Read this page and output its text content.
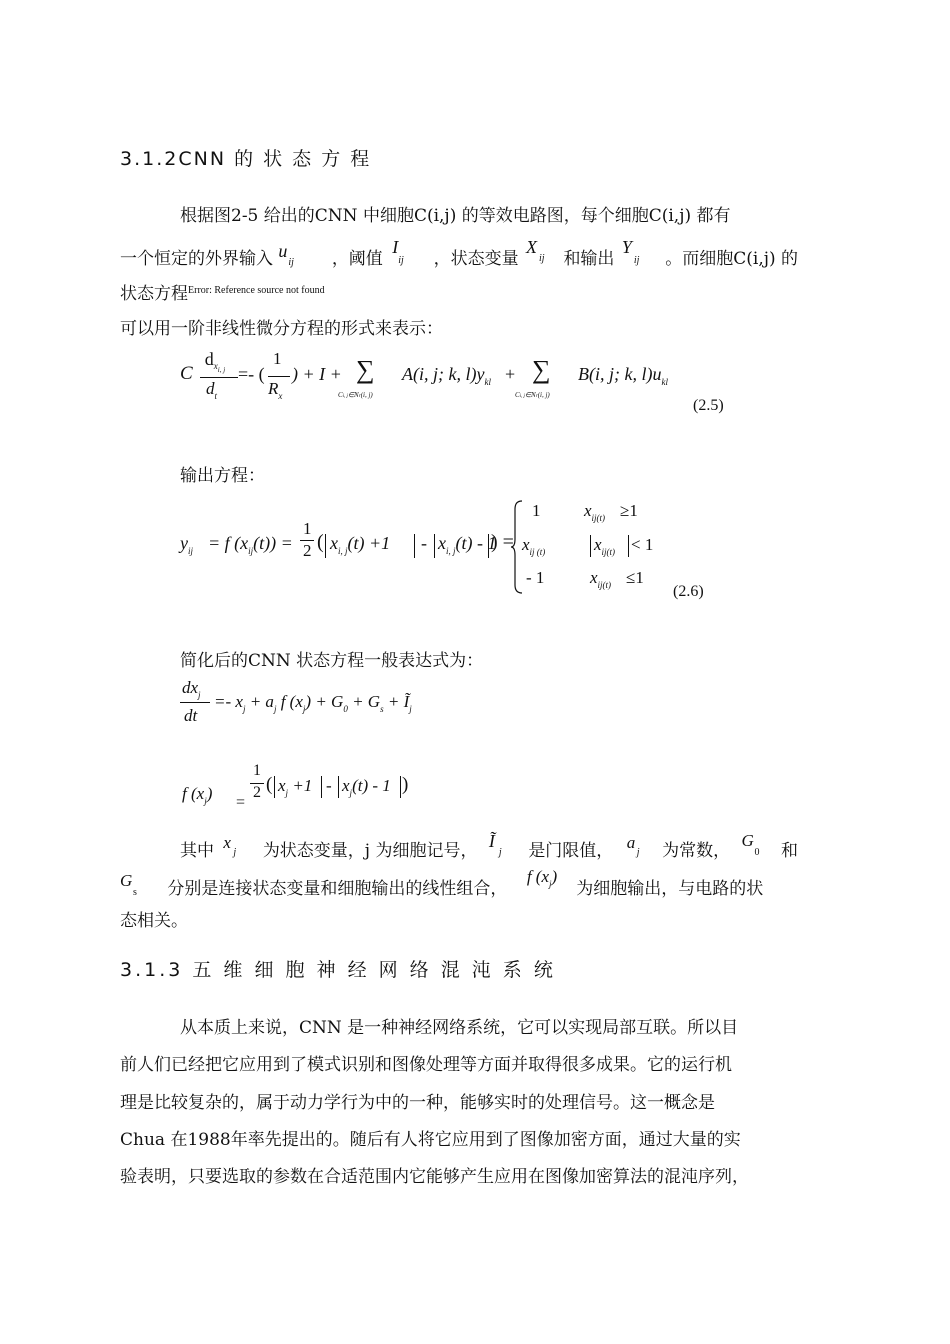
3.1.2CNN 的 状 态 方 程
根据图2-5 给出的CNN 中细胞C(i,j) 的等效电路图，每个细胞C(i,j) 都有
一个恒定的外界输入 u
ij ，阈值
I
ij ，状态变量
X
ij 和输出
Y
ij 。而细胞C(i,j) 的
状态方程$^{Error: Reference source not found}$
可以用一阶非线性微分方程的形式来表示：
C
$d_{xi, j}$
$d_t$
=- (
1
$R_x$
) + I + ∑
Ci, j∈Nr(i, j)
A(i, j; k, $l)y_{kl}$ + ∑
Ci, j∈Nr(i, j)
B(i, j; k, $l)u_{kl}$
(2.5)
输出方程：
$y_{ij} = f$ $(x_{ij}(t))$ =
1
2 ( $x_{i, j}(t) +1 - x_{i, j}(t) - 1$
) =
1	$x_{ij(t)} \ge 1$
$x_{ij (t)}$	$x_{ij(t)} < 1$
- 1	$x_{ij(t)} \le 1$
(2.6)
简化后的CNN 状态方程一般表达式为：
$dx_j$
dt
=- $x_j + a_j$ f $(x_j) + G_0 + G_s$ + $Ĩ_j$
f $(x_j)$ =
1
2 ( $x_j +1 - x_j(t) - 1$ )
其中 x
j 为状态变量，j 为细胞记号， Ĩ
j 是门限值， a
j 为常数，
G
0 和
G
s 分别是连接状态变量和细胞输出的线性组合，
f $(x_j)$
为细胞输出，与电路的状
态相关。
3.1.3 五 维 细 胞 神 经 网 络 混 沌 系 统
从本质上来说，CNN 是一种神经网络系统，它可以实现局部互联。所以目
前人们已经把它应用到了模式识别和图像处理等方面并取得很多成果。它的运行机
理是比较复杂的，属于动力学行为中的一种，能够实时的处理信号。这一概念是
Chua 在1988年率先提出的。随后有人将它应用到了图像加密方面，通过大量的实
验表明，只要选取的参数在合适范围内它能够产生应用在图像加密算法的混沌序列，
